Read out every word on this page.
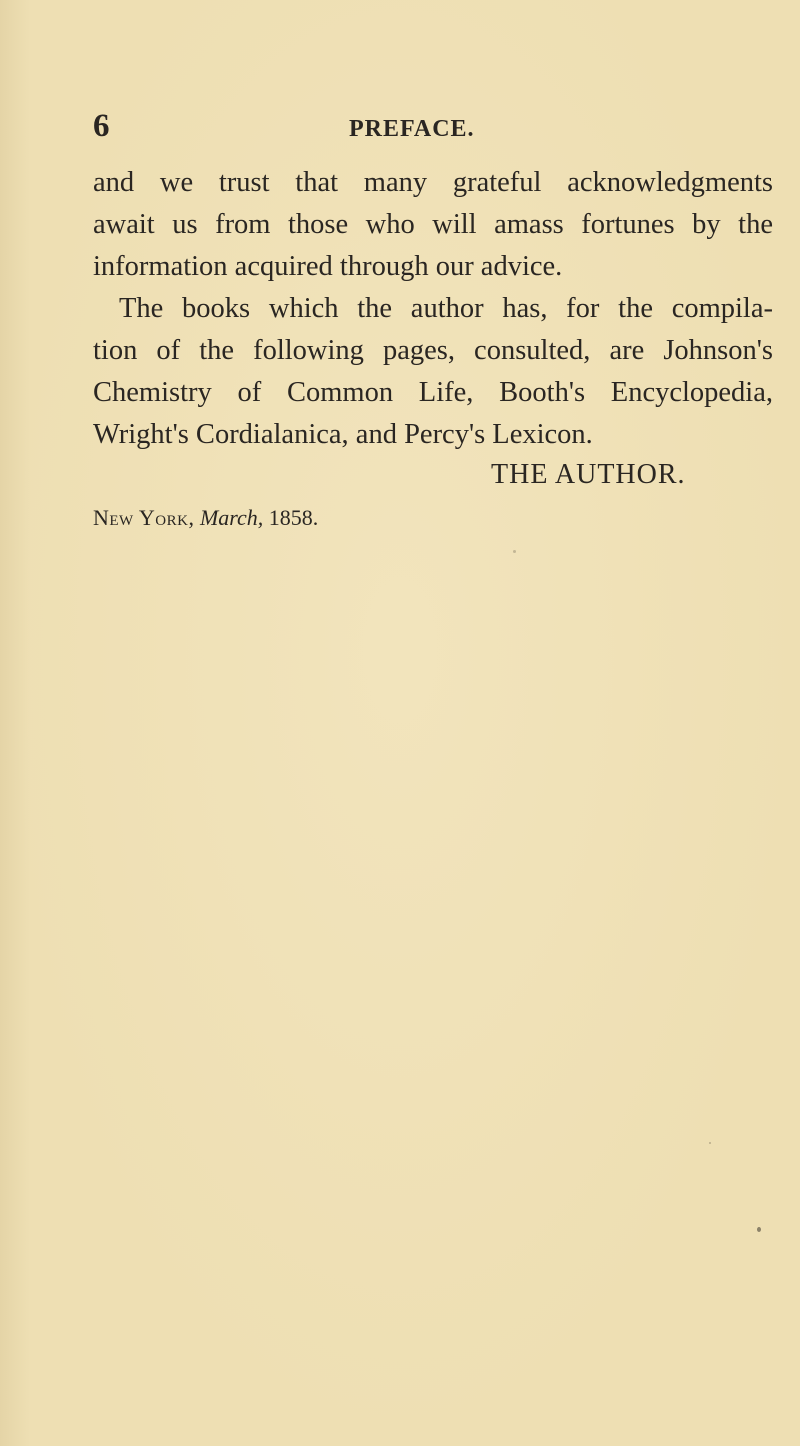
6	PREFACE.
and we trust that many grateful acknowledgments
await us from those who will amass fortunes by the
information acquired through our advice.
The books which the author has, for the compila-
tion of the following pages, consulted, are Johnson's
Chemistry of Common Life, Booth's Encyclopedia,
Wright's Cordialanica, and Percy's Lexicon.
THE AUTHOR.
New York, March, 1858.
